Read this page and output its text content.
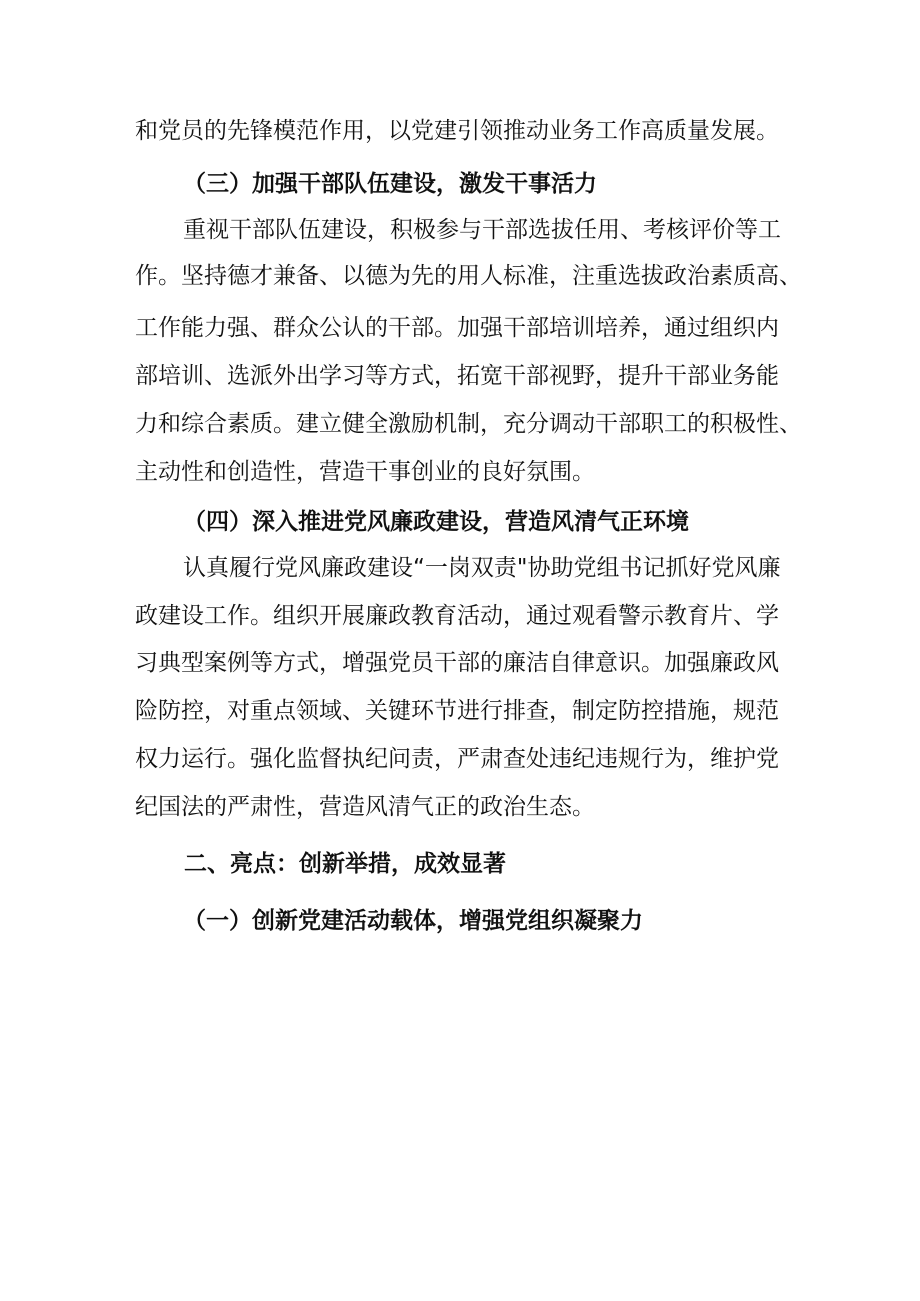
和党员的先锋模范作用，以党建引领推动业务工作高质量发展。
（三）加强干部队伍建设，激发干事活力
重视干部队伍建设，积极参与干部选拔任用、考核评价等工
作。坚持德才兼备、以德为先的用人标准，注重选拔政治素质高、
工作能力强、群众公认的干部。加强干部培训培养，通过组织内
部培训、选派外出学习等方式，拓宽干部视野，提升干部业务能
力和综合素质。建立健全激励机制，充分调动干部职工的积极性、
主动性和创造性，营造干事创业的良好氛围。
（四）深入推进党风廉政建设，营造风清气正环境
认真履行党风廉政建设“一岗双责"协助党组书记抓好党风廉
政建设工作。组织开展廉政教育活动，通过观看警示教育片、学
习典型案例等方式，增强党员干部的廉洁自律意识。加强廉政风
险防控，对重点领域、关键环节进行排查，制定防控措施，规范
权力运行。强化监督执纪问责，严肃查处违纪违规行为，维护党
纪国法的严肃性，营造风清气正的政治生态。
二、亮点：创新举措，成效显著
（一）创新党建活动载体，增强党组织凝聚力
